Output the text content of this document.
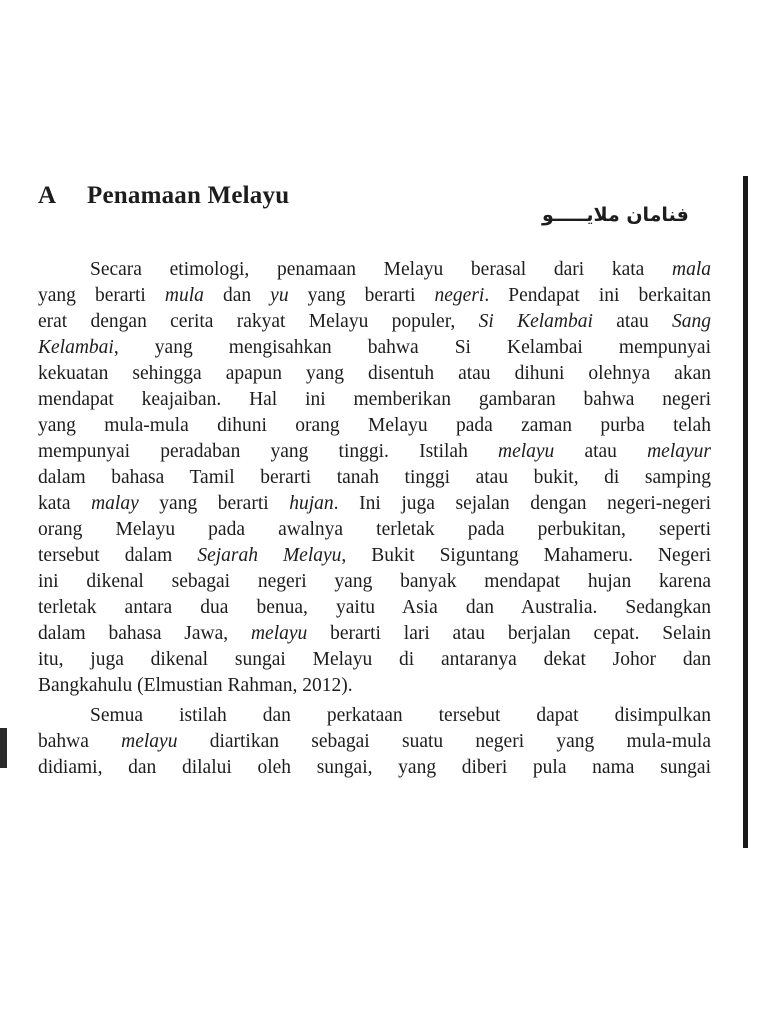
A Penamaan Melayu
فنامان ملايـــــو
Secara etimologi, penamaan Melayu berasal dari kata mala
yang berarti mula dan yu yang berarti negeri. Pendapat ini berkaitan
erat dengan cerita rakyat Melayu populer, Si Kelambai atau Sang
Kelambai, yang mengisahkan bahwa Si Kelambai mempunyai
kekuatan sehingga apapun yang disentuh atau dihuni olehnya akan
mendapat keajaiban. Hal ini memberikan gambaran bahwa negeri
yang mula-mula dihuni orang Melayu pada zaman purba telah
mempunyai peradaban yang tinggi. Istilah melayu atau melayur
dalam bahasa Tamil berarti tanah tinggi atau bukit, di samping
kata malay yang berarti hujan. Ini juga sejalan dengan negeri-negeri
orang Melayu pada awalnya terletak pada perbukitan, seperti
tersebut dalam Sejarah Melayu, Bukit Siguntang Mahameru. Negeri
ini dikenal sebagai negeri yang banyak mendapat hujan karena
terletak antara dua benua, yaitu Asia dan Australia. Sedangkan
dalam bahasa Jawa, melayu berarti lari atau berjalan cepat. Selain
itu, juga dikenal sungai Melayu di antaranya dekat Johor dan
Bangkahulu (Elmustian Rahman, 2012).
Semua istilah dan perkataan tersebut dapat disimpulkan
bahwa melayu diartikan sebagai suatu negeri yang mula-mula
didiami, dan dilalui oleh sungai, yang diberi pula nama sungai
